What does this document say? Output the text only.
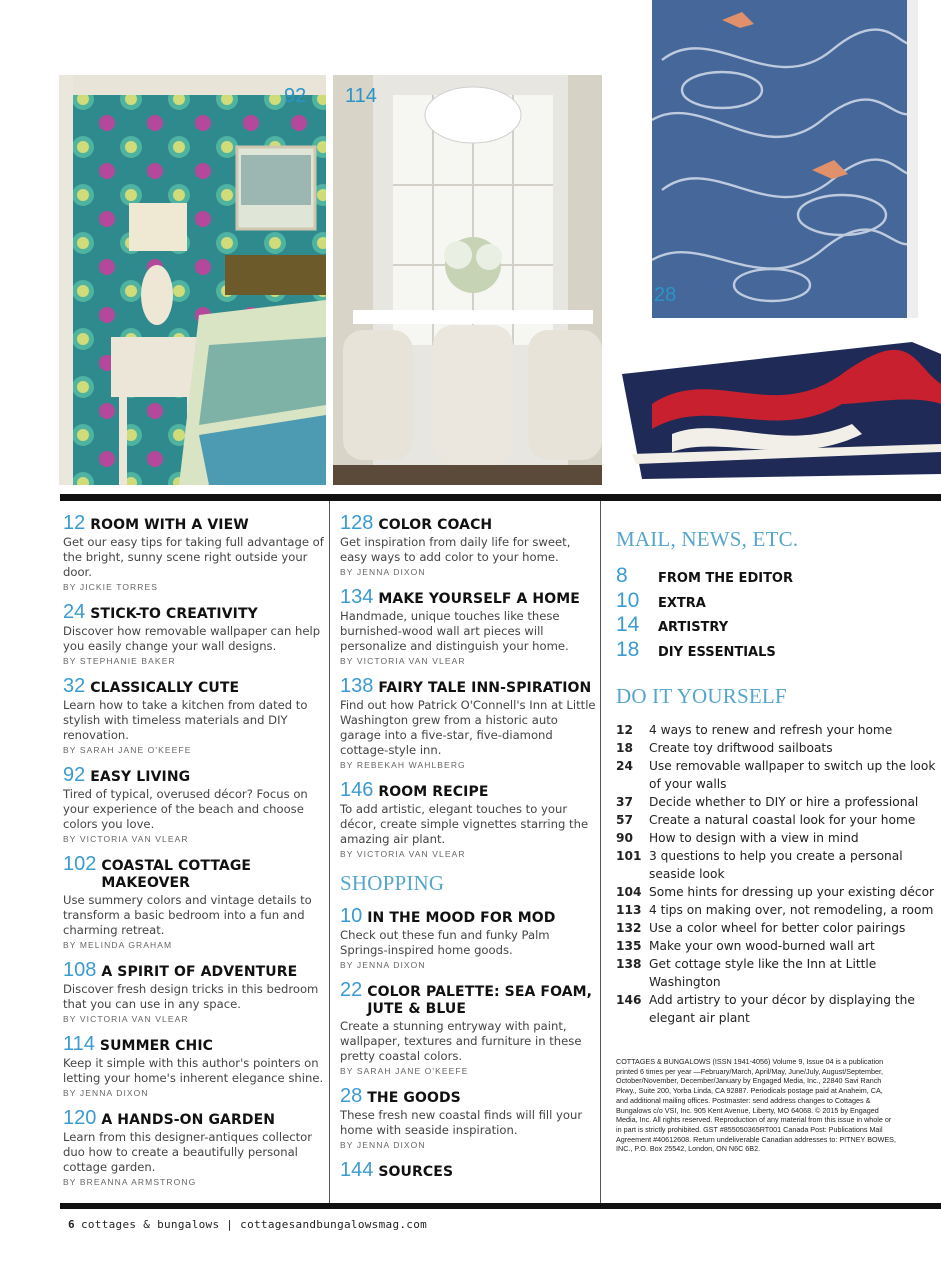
92 114
28
12 ROOM WITH A VIEW

Get our easy tips for taking full advantage of the bright, sunny scene right outside your door.

BY JICKIE TORRES
24 STICK-TO CREATIVITY

Discover how removable wallpaper can help you easily change your wall designs.

BY STEPHANIE BAKER
32 CLASSICALLY CUTE

Learn how to take a kitchen from dated to stylish with timeless materials and DIY renovation.

BY SARAH JANE O'KEEFE
92 EASY LIVING

Tired of typical, overused décor? Focus on your experience of the beach and choose colors you love.

BY VICTORIA VAN VLEAR
102 COASTAL COTTAGE MAKEOVER

Use summery colors and vintage details to transform a basic bedroom into a fun and charming retreat.

BY MELINDA GRAHAM
108 A SPIRIT OF ADVENTURE

Discover fresh design tricks in this bedroom that you can use in any space.

BY VICTORIA VAN VLEAR
114 SUMMER CHIC

Keep it simple with this author's pointers on letting your home's inherent elegance shine.

BY JENNA DIXON
120 A HANDS-ON GARDEN

Learn from this designer-antiques collector duo how to create a beautifully personal cottage garden.

BY BREANNA ARMSTRONG
128 COLOR COACH

Get inspiration from daily life for sweet, easy ways to add color to your home.

BY JENNA DIXON
134 MAKE YOURSELF A HOME

Handmade, unique touches like these burnished-wood wall art pieces will personalize and distinguish your home.

BY VICTORIA VAN VLEAR
138 FAIRY TALE INN-SPIRATION

Find out how Patrick O'Connell's Inn at Little Washington grew from a historic auto garage into a five-star, five-diamond cottage-style inn.

BY REBEKAH WAHLBERG
146 ROOM RECIPE

To add artistic, elegant touches to your décor, create simple vignettes starring the amazing air plant.

BY VICTORIA VAN VLEAR
SHOPPING
10 IN THE MOOD FOR MOD

Check out these fun and funky Palm Springs-inspired home goods.

BY JENNA DIXON
22 COLOR PALETTE: SEA FOAM, JUTE & BLUE

Create a stunning entryway with paint, wallpaper, textures and furniture in these pretty coastal colors.

BY SARAH JANE O'KEEFE
28 THE GOODS

These fresh new coastal finds will fill your home with seaside inspiration.

BY JENNA DIXON
144 SOURCES
MAIL, NEWS, ETC.
8	FROM THE EDITOR
10	EXTRA
14	ARTISTRY
18	DIY ESSENTIALS
DO IT YOURSELF
12	4 ways to renew and refresh your home
18	Create toy driftwood sailboats
24	Use removable wallpaper to switch up the look of your walls
37	Decide whether to DIY or hire a professional
57	Create a natural coastal look for your home
90	How to design with a view in mind
101 3 questions to help you create a personal seaside look
104 Some hints for dressing up your existing décor
113 4 tips on making over, not remodeling, a room
132 Use a color wheel for better color pairings
135 Make your own wood-burned wall art
138 Get cottage style like the Inn at Little Washington
146 Add artistry to your décor by displaying the elegant air plant
COTTAGES & BUNGALOWS (ISSN 1941-4056) Volume 9, Issue 04 is a publication printed 6 times per year —February/March, April/May, June/July, August/September, October/November, December/January by Engaged Media, Inc., 22840 Savi Ranch Pkwy., Suite 200, Yorba Linda, CA 92887. Periodicals postage paid at Anaheim, CA, and additional mailing offices. Postmaster: send address changes to Cottages & Bungalows c/o VSI, Inc. 905 Kent Avenue, Liberty, MO 64068. © 2015 by Engaged Media, Inc. All rights reserved. Reproduction of any material from this issue in whole or in part is strictly prohibited. GST #855050365RT001 Canada Post: Publications Mail Agreement #40612608. Return undeliverable Canadian addresses to: PITNEY BOWES, INC., P.O. Box 25542, London, ON N6C 6B2.
6 cottages & bungalows | cottagesandbungalowsmag.com
